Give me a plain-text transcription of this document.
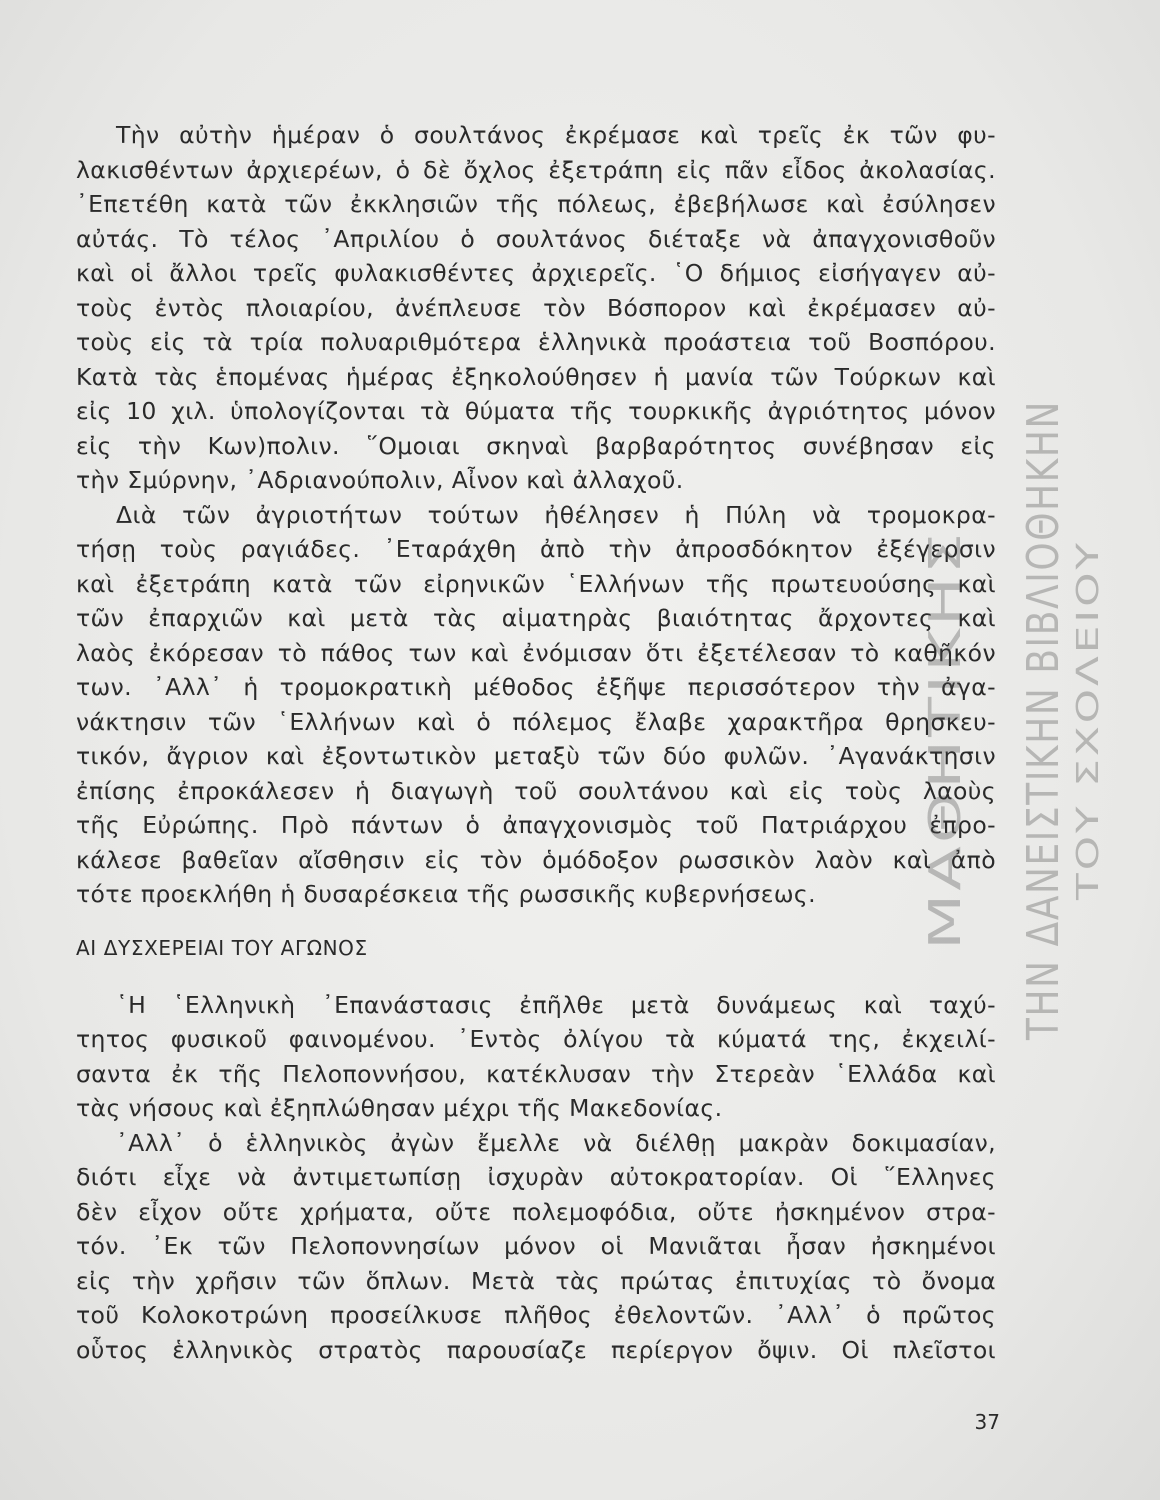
Τὴν αὐτὴν ἡμέραν ὁ σουλτάνος ἐκρέμασε καὶ τρεῖς ἐκ τῶν φυ-
λακισθέντων ἀρχιερέων, ὁ δὲ ὄχλος ἐξετράπη εἰς πᾶν εἶδος ἀκολασίας.
᾿Επετέθη κατὰ τῶν ἐκκλησιῶν τῆς πόλεως, ἐβεβήλωσε καὶ ἐσύλησεν
αὐτάς. Τὸ τέλος ᾿Απριλίου ὁ σουλτάνος διέταξε νὰ ἀπαγχονισθοῦν
καὶ οἱ ἄλλοι τρεῖς φυλακισθέντες ἀρχιερεῖς. ῾Ο δήμιος εἰσήγαγεν αὐ-
τοὺς ἐντὸς πλοιαρίου, ἀνέπλευσε τὸν Βόσπορον καὶ ἐκρέμασεν αὐ-
τοὺς εἰς τὰ τρία πολυαριθμότερα ἑλληνικὰ προάστεια τοῦ Βοσπόρου.
Κατὰ τὰς ἑπομένας ἡμέρας ἐξηκολούθησεν ἡ μανία τῶν Τούρκων καὶ
εἰς 10 χιλ. ὑπολογίζονται τὰ θύματα τῆς τουρκικῆς ἀγριότητος μόνον
εἰς τὴν Κων)πολιν. ῞Ομοιαι σκηναὶ βαρβαρότητος συνέβησαν εἰς
τὴν Σμύρνην, ᾿Αδριανούπολιν, Αἶνον καὶ ἀλλαχοῦ.
Διὰ τῶν ἀγριοτήτων τούτων ἠθέλησεν ἡ Πύλη νὰ τρομοκρα-
τήσῃ τοὺς ραγιάδες. ᾿Εταράχθη ἀπὸ τὴν ἀπροσδόκητον ἐξέγερσιν
καὶ ἐξετράπη κατὰ τῶν εἰρηνικῶν ῾Ελλήνων τῆς πρωτευούσης καὶ
τῶν ἐπαρχιῶν καὶ μετὰ τὰς αἱματηρὰς βιαιότητας ἄρχοντες καὶ
λαὸς ἐκόρεσαν τὸ πάθος των καὶ ἐνόμισαν ὅτι ἐξετέλεσαν τὸ καθῆκόν
των. ᾿Αλλ᾿ ἡ τρομοκρατικὴ μέθοδος ἐξῆψε περισσότερον τὴν ἀγα-
νάκτησιν τῶν ῾Ελλήνων καὶ ὁ πόλεμος ἔλαβε χαρακτῆρα θρησκευ-
τικόν, ἄγριον καὶ ἐξοντωτικὸν μεταξὺ τῶν δύο φυλῶν. ᾿Αγανάκτησιν
ἐπίσης ἐπροκάλεσεν ἡ διαγωγὴ τοῦ σουλτάνου καὶ εἰς τοὺς λαοὺς
τῆς Εὐρώπης. Πρὸ πάντων ὁ ἀπαγχονισμὸς τοῦ Πατριάρχου ἐπρο-
κάλεσε βαθεῖαν αἴσθησιν εἰς τὸν ὁμόδοξον ρωσσικὸν λαὸν καὶ ἀπὸ
τότε προεκλήθη ἡ δυσαρέσκεια τῆς ρωσσικῆς κυβερνήσεως.
ΑΙ ΔΥΣΧΕΡΕΙΑΙ ΤΟΥ ΑΓΩΝΟΣ
῾Η ῾Ελληνικὴ ᾿Επανάστασις ἐπῆλθε μετὰ δυνάμεως καὶ ταχύ-
τητος φυσικοῦ φαινομένου. ᾿Εντὸς ὀλίγου τὰ κύματά της, ἐκχειλί-
σαντα ἐκ τῆς Πελοποννήσου, κατέκλυσαν τὴν Στερεὰν ῾Ελλάδα καὶ
τὰς νήσους καὶ ἐξηπλώθησαν μέχρι τῆς Μακεδονίας.
᾿Αλλ᾿ ὁ ἑλληνικὸς ἀγὼν ἔμελλε νὰ διέλθῃ μακρὰν δοκιμασίαν,
διότι εἶχε νὰ ἀντιμετωπίσῃ ἰσχυρὰν αὐτοκρατορίαν. Οἱ ῞Ελληνες
δὲν εἶχον οὔτε χρήματα, οὔτε πολεμοφόδια, οὔτε ἠσκημένον στρα-
τόν. ᾿Εκ τῶν Πελοποννησίων μόνον οἱ Μανιᾶται ἦσαν ἠσκημένοι
εἰς τὴν χρῆσιν τῶν ὅπλων. Μετὰ τὰς πρώτας ἐπιτυχίας τὸ ὄνομα
τοῦ Κολοκοτρώνη προσείλκυσε πλῆθος ἐθελοντῶν. ᾿Αλλ᾿ ὁ πρῶτος
οὗτος ἑλληνικὸς στρατὸς παρουσίαζε περίεργον ὄψιν. Οἱ πλεῖστοι
ΤΗΝ ΔΑΝΕΙΣΤΙΚΗΝ ΒΙΒΛΙΟΘΗΚΗΝ ΤΟΥ ΣΧΟΛΕΙΟΥ
ΜΑΘΗΤΙΚΗΣ
37
